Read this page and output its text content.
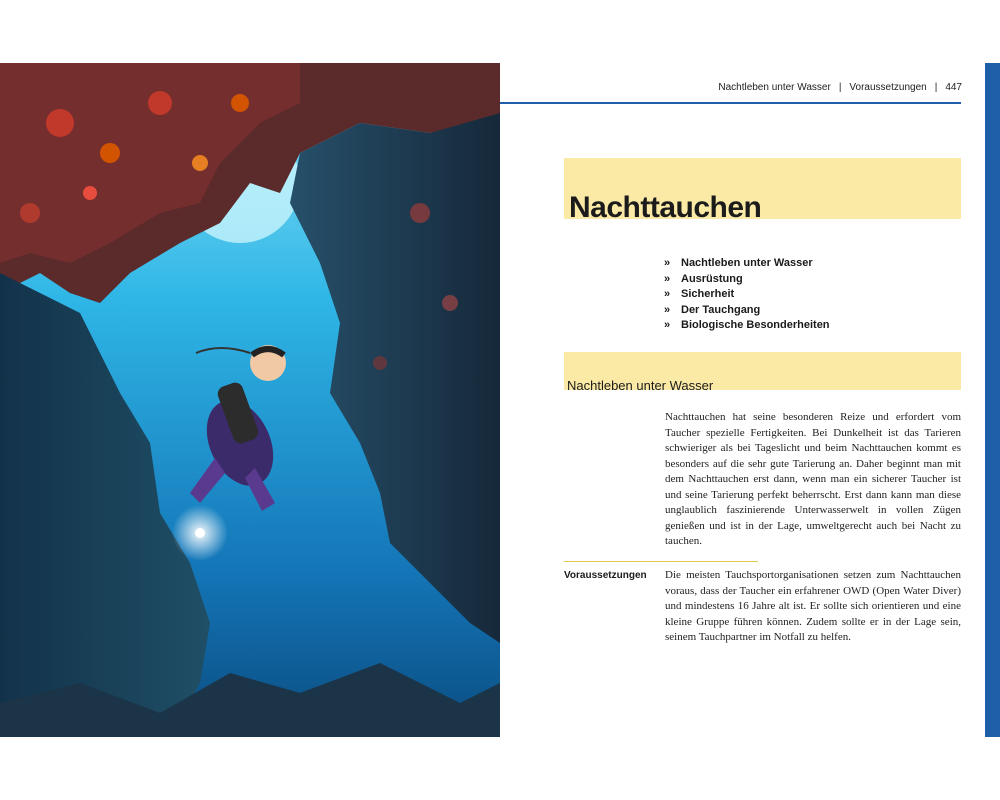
Nachtleben unter Wasser | Voraussetzungen | 447
Nachttauchen
» Nachtleben unter Wasser
» Ausrüstung
» Sicherheit
» Der Tauchgang
» Biologische Besonderheiten
Nachtleben unter Wasser

Nachttauchen hat seine besonderen Reize und erfordert vom Taucher spezielle Fertigkeiten. Bei Dunkelheit ist das Tarieren schwieriger als bei Tageslicht und beim Nachttauchen kommt es besonders auf die sehr gute Tarierung an. Daher beginnt man mit dem Nachttauchen erst dann, wenn man ein sicherer Taucher ist und seine Tarierung perfekt beherrscht. Erst dann kann man diese unglaublich faszinierende Unterwasserwelt in vollen Zügen genießen und ist in der Lage, umweltgerecht auch bei Nacht zu tauchen.

Voraussetzungen Die meisten Tauchsportorganisationen setzen zum Nachttauchen voraus, dass der Taucher ein erfahrener OWD (Open Water Diver) und mindestens 16 Jahre alt ist. Er sollte sich orientieren und eine kleine Gruppe führen können. Zudem sollte er in der Lage sein, seinem Tauchpartner im Notfall zu helfen.
